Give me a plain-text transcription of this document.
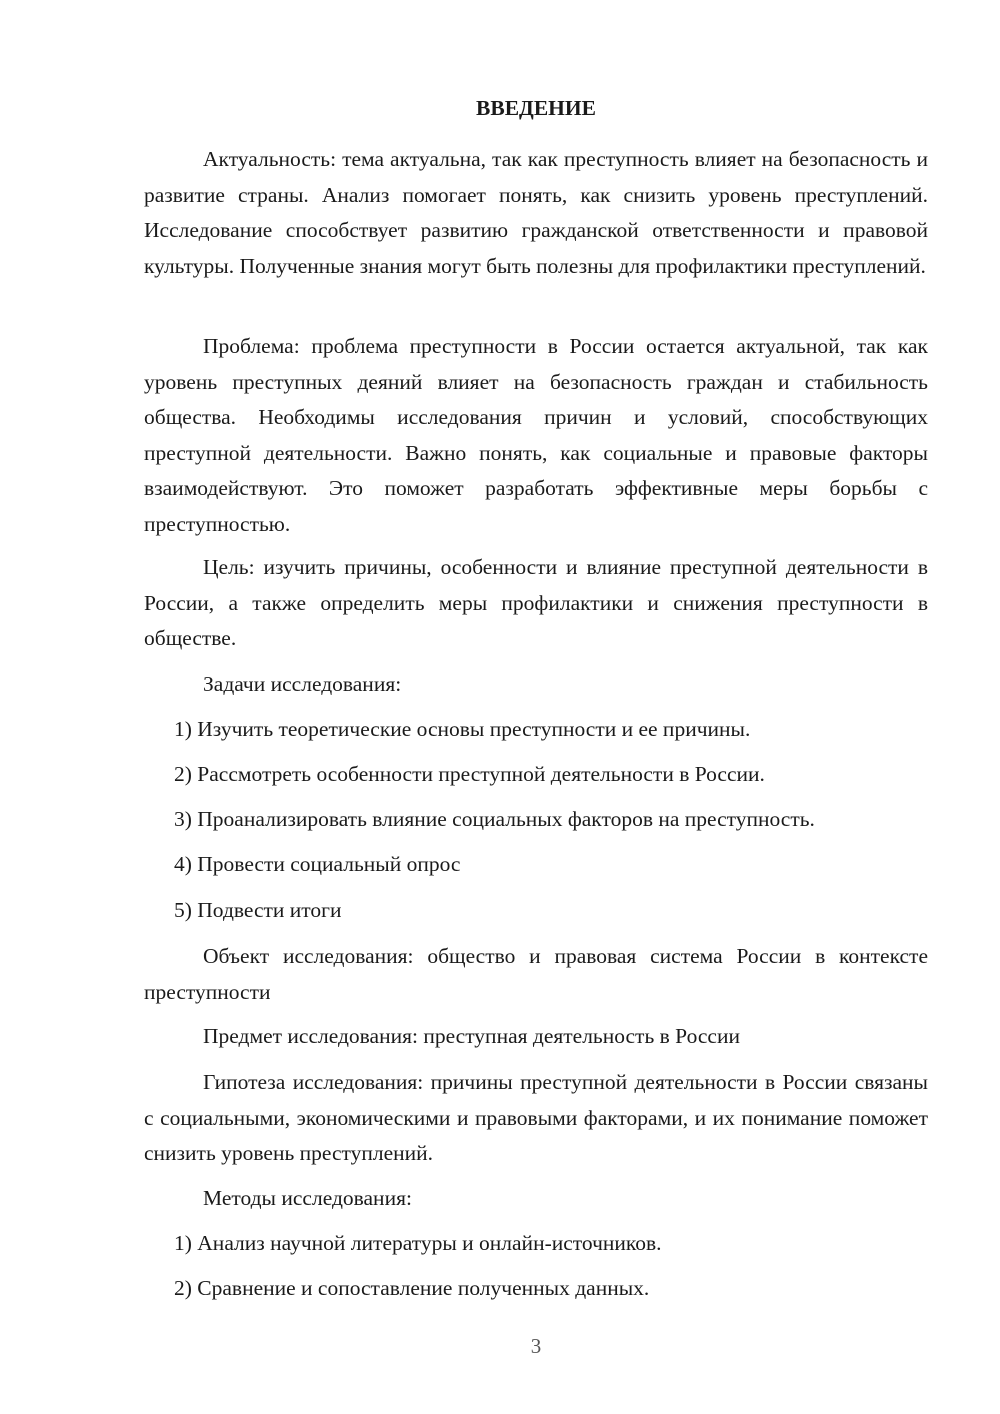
ВВЕДЕНИЕ

Актуальность: тема актуальна, так как преступность влияет на безопасность и развитие страны. Анализ помогает понять, как снизить уровень преступлений. Исследование способствует развитию гражданской ответственности и правовой культуры. Полученные знания могут быть полезны для профилактики преступлений.

Проблема: проблема преступности в России остается актуальной, так как уровень преступных деяний влияет на безопасность граждан и стабильность общества. Необходимы исследования причин и условий, способствующих преступной деятельности. Важно понять, как социальные и правовые факторы взаимодействуют. Это поможет разработать эффективные меры борьбы с преступностью.

Цель: изучить причины, особенности и влияние преступной деятельности в России, а также определить меры профилактики и снижения преступности в обществе.

Задачи исследования:

1) Изучить теоретические основы преступности и ее причины.

2) Рассмотреть особенности преступной деятельности в России.

3) Проанализировать влияние социальных факторов на преступность.

4) Провести социальный опрос

5) Подвести итоги

Объект исследования: общество и правовая система России в контексте преступности

Предмет исследования: преступная деятельность в России

Гипотеза исследования: причины преступной деятельности в России связаны с социальными, экономическими и правовыми факторами, и их понимание поможет снизить уровень преступлений.

Методы исследования:

1) Анализ научной литературы и онлайн-источников.

2) Сравнение и сопоставление полученных данных.

3
